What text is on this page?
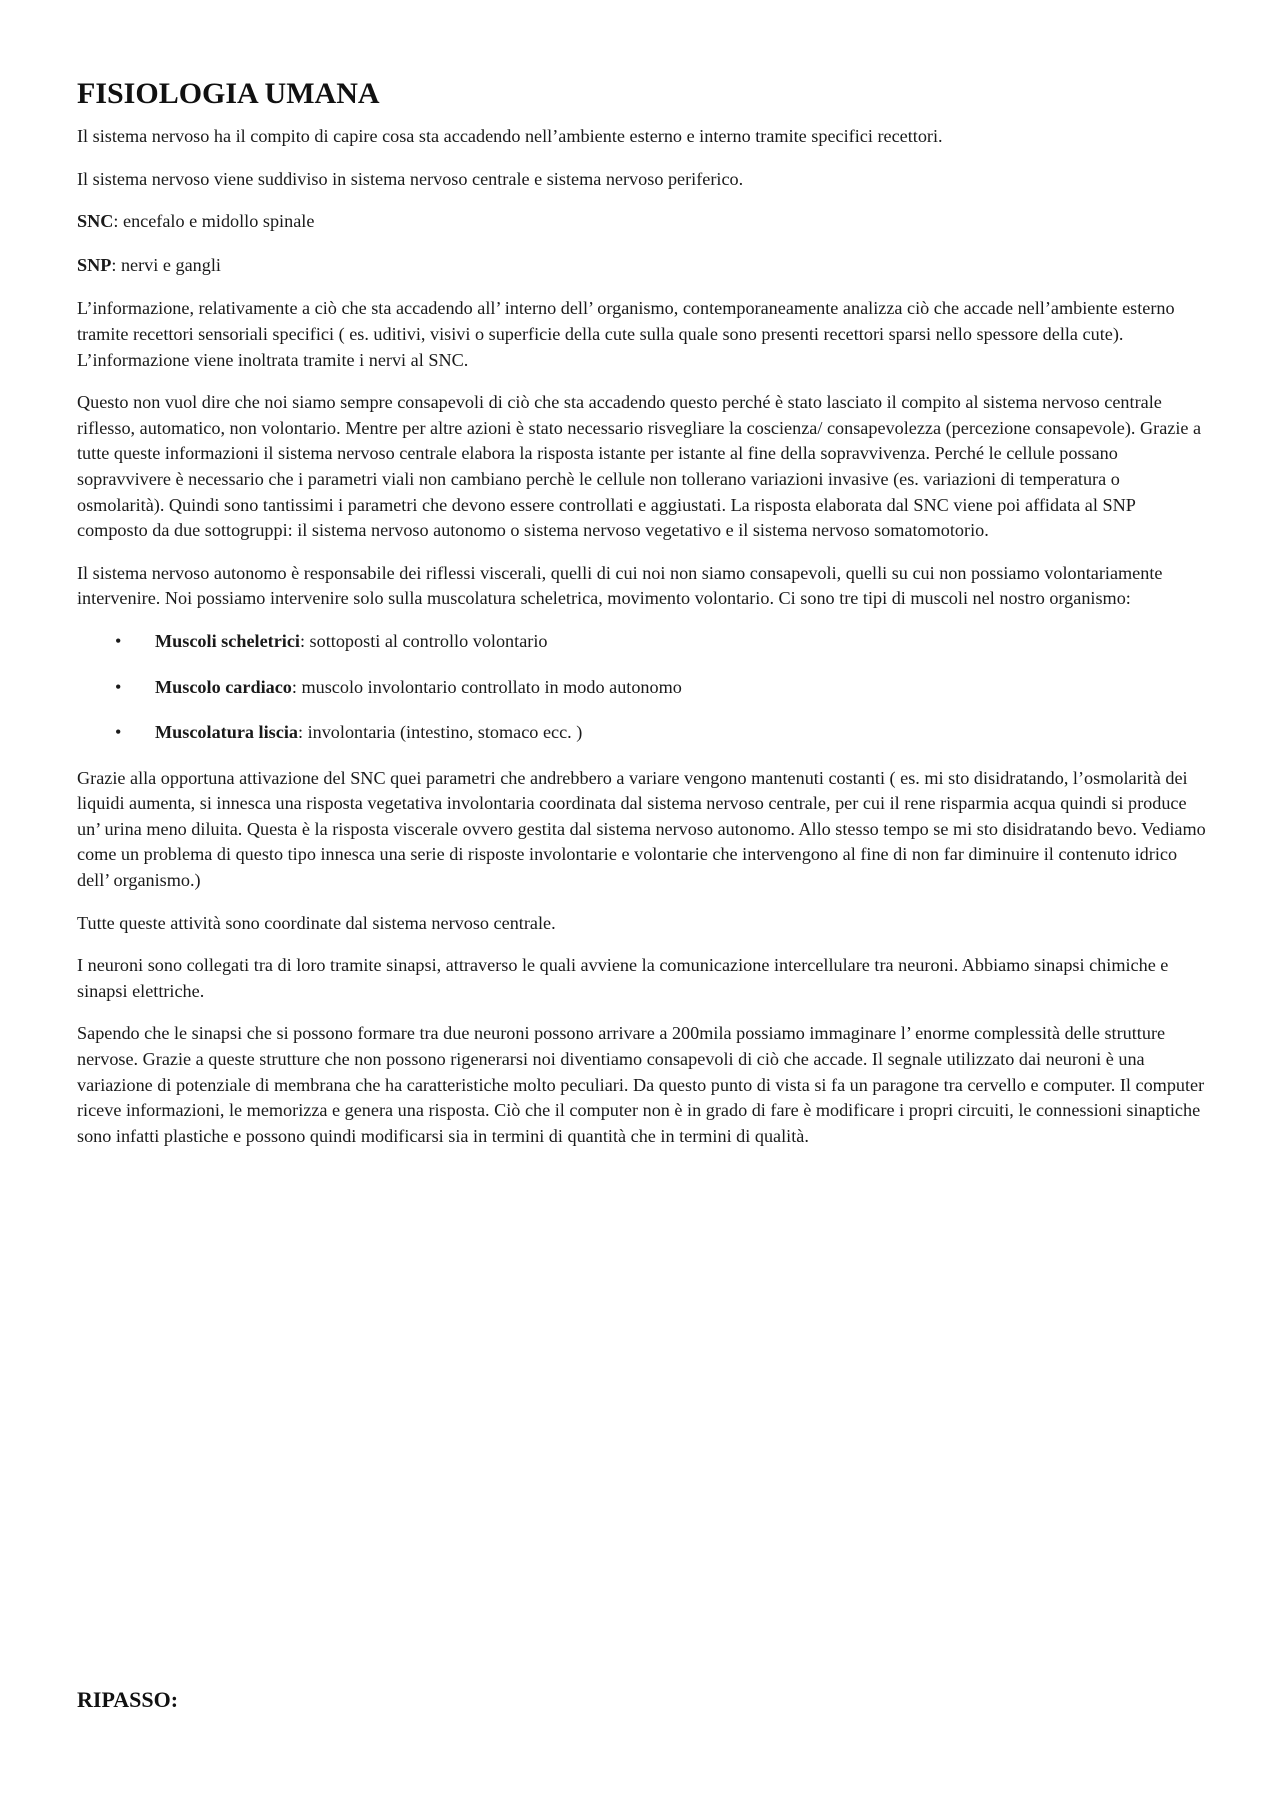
FISIOLOGIA UMANA

Il sistema nervoso ha il compito di capire cosa sta accadendo nell’ambiente esterno e interno tramite specifici recettori.

Il sistema nervoso viene suddiviso in sistema nervoso centrale e sistema nervoso periferico.

SNC: encefalo e midollo spinale

SNP: nervi e gangli

L’informazione, relativamente a ciò che sta accadendo all’ interno dell’ organismo, contemporaneamente analizza ciò che accade nell’ambiente esterno tramite recettori sensoriali specifici ( es. uditivi, visivi o superficie della cute sulla quale sono presenti recettori sparsi nello spessore della cute). L’informazione viene inoltrata tramite i nervi al SNC.

Questo non vuol dire che noi siamo sempre consapevoli di ciò che sta accadendo questo perché è stato lasciato il compito al sistema nervoso centrale riflesso, automatico, non volontario. Mentre per altre azioni è stato necessario risvegliare la coscienza/ consapevolezza (percezione consapevole). Grazie a tutte queste informazioni il sistema nervoso centrale elabora la risposta istante per istante al fine della sopravvivenza. Perché le cellule possano sopravvivere è necessario che i parametri viali non cambiano perchè le cellule non tollerano variazioni invasive (es. variazioni di temperatura o osmolarità). Quindi sono tantissimi i parametri che devono essere controllati e aggiustati. La risposta elaborata dal SNC viene poi affidata al SNP composto da due sottogruppi: il sistema nervoso autonomo o sistema nervoso vegetativo e il sistema nervoso somatomotorio.

Il sistema nervoso autonomo è responsabile dei riflessi viscerali, quelli di cui noi non siamo consapevoli, quelli su cui non possiamo volontariamente intervenire. Noi possiamo intervenire solo sulla muscolatura scheletrica, movimento volontario. Ci sono tre tipi di muscoli nel nostro organismo:

• Muscoli scheletrici: sottoposti al controllo volontario
• Muscolo cardiaco: muscolo involontario controllato in modo autonomo
• Muscolatura liscia: involontaria (intestino, stomaco ecc. )

Grazie alla opportuna attivazione del SNC quei parametri che andrebbero a variare vengono mantenuti costanti ( es. mi sto disidratando, l’osmolarità dei liquidi aumenta, si innesca una risposta vegetativa involontaria coordinata dal sistema nervoso centrale, per cui il rene risparmia acqua quindi si produce un’ urina meno diluita. Questa è la risposta viscerale ovvero gestita dal sistema nervoso autonomo. Allo stesso tempo se mi sto disidratando bevo. Vediamo come un problema di questo tipo innesca una serie di risposte involontarie e volontarie che intervengono al fine di non far diminuire il contenuto idrico dell’ organismo.)

Tutte queste attività sono coordinate dal sistema nervoso centrale.

I neuroni sono collegati tra di loro tramite sinapsi, attraverso le quali avviene la comunicazione intercellulare tra neuroni. Abbiamo sinapsi chimiche e sinapsi elettriche.

Sapendo che le sinapsi che si possono formare tra due neuroni possono arrivare a 200mila possiamo immaginare l’ enorme complessità delle strutture nervose. Grazie a queste strutture che non possono rigenerarsi noi diventiamo consapevoli di ciò che accade. Il segnale utilizzato dai neuroni è una variazione di potenziale di membrana che ha caratteristiche molto peculiari. Da questo punto di vista si fa un paragone tra cervello e computer. Il computer riceve informazioni, le memorizza e genera una risposta. Ciò che il computer non è in grado di fare è modificare i propri circuiti, le connessioni sinaptiche sono infatti plastiche e possono quindi modificarsi sia in termini di quantità che in termini di qualità.

RIPASSO:
